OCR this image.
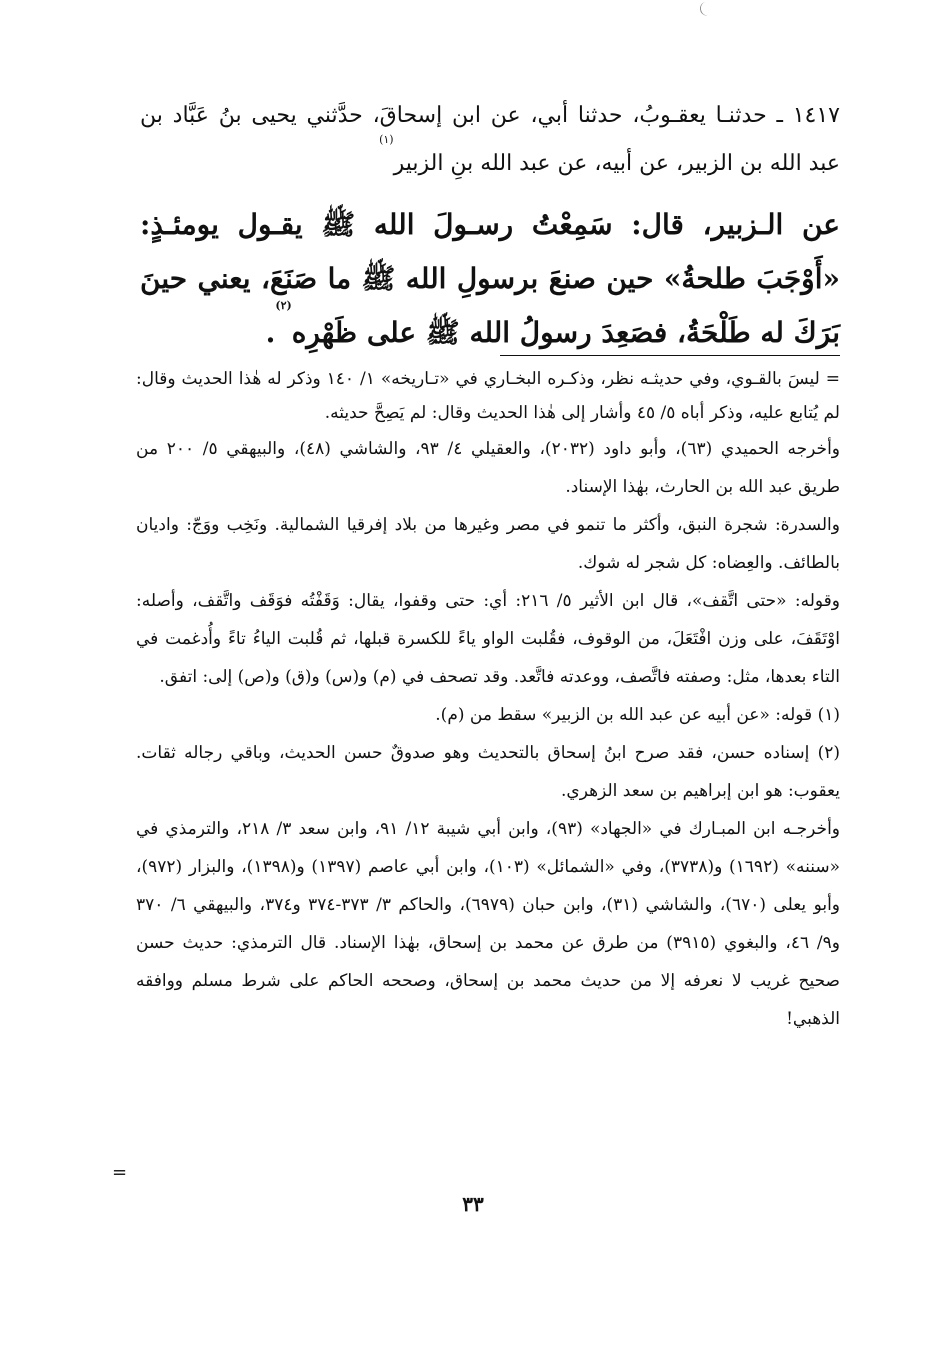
١٤١٧ ـ حدثنـا يعقـوبُ، حدثنا أبي، عن ابن إسحاقَ، حدَّثني يحيى بنُ عَبَّاد بن عبد الله بن الزبير، عن أبيه، عن عبد الله بنِ الزبير$^{(١)}$
عن الـزبير، قال: سَمِعْتُ رسـولَ الله ﷺ يقـول يومئـذٍ: «أَوْجَبَ طلحةُ» حين صنعَ برسولِ الله ﷺ ما صَنَعَ، يعني حينَ بَرَكَ له طَلْحَةُ، فصَعِدَ رسولُ الله ﷺ على ظَهْرِه$^{(٢)}$.

= ليسَ بالقـوي، وفي حديثـه نظر، وذكـره البخـاري في «تـاريخه» ١/ ١٤٠ وذكر له هٰذا الحديث وقال: لم يُتابع عليه، وذكر أباه ٥/ ٤٥ وأشار إلى هٰذا الحديث وقال: لم يَصِحَّ حديثه.

وأخرجه الحميدي (٦٣)، وأبو داود (٢٠٣٢)، والعقيلي ٤/ ٩٣، والشاشي (٤٨)، والبيهقي ٥/ ٢٠٠ من طريق عبد الله بن الحارث، بهٰذا الإسناد.

والسدرة: شجرة النبق، وأكثر ما تنمو في مصر وغيرها من بلاد إفرقيا الشمالية. ونَخِب ووَجّ: واديان بالطائف. والعِضاه: كل شجر له شوك.

وقوله: «حتى اتَّقف»، قال ابن الأثير ٥/ ٢١٦: أي: حتى وقفوا، يقال: وَقَفْتُه فوَقَف واتَّقف، وأصله: اوْتَقَفَ، على وزن افْتَعَلَ، من الوقوف، فقُلبت الواو ياءً للكسرة قبلها، ثم قُلبت الياءُ تاءً وأُدغمت في التاء بعدها، مثل: وصفته فاتَّصف، ووعدته فاتَّعد. وقد تصحف في (م) و(س) و(ق) و(ص) إلى: اتفق.

(١) قوله: «عن أبيه عن عبد الله بن الزبير» سقط من (م).

(٢) إسناده حسن، فقد صرح ابنُ إسحاق بالتحديث وهو صدوقٌ حسن الحديث، وباقي رجاله ثقات. يعقوب: هو ابن إبراهيم بن سعد الزهري.

وأخرجـه ابن المبـارك في «الجهاد» (٩٣)، وابن أبي شيبة ١٢/ ٩١، وابن سعد ٣/ ٢١٨، والترمذي في «سننه» (١٦٩٢) و(٣٧٣٨)، وفي «الشمائل» (١٠٣)، وابن أبي عاصم (١٣٩٧) و(١٣٩٨)، والبزار (٩٧٢)، وأبو يعلى (٦٧٠)، والشاشي (٣١)، وابن حبان (٦٩٧٩)، والحاكم ٣/ ٣٧٣-٣٧٤ و٣٧٤، والبيهقي ٦/ ٣٧٠ و٩/ ٤٦، والبغوي (٣٩١٥) من طرق عن محمد بن إسحاق، بهٰذا الإسناد. قال الترمذي: حديث حسن صحيح غريب لا نعرفه إلا من حديث محمد بن إسحاق، وصححه الحاكم على شرط مسلم ووافقه الذهبي!

=
٣٣
